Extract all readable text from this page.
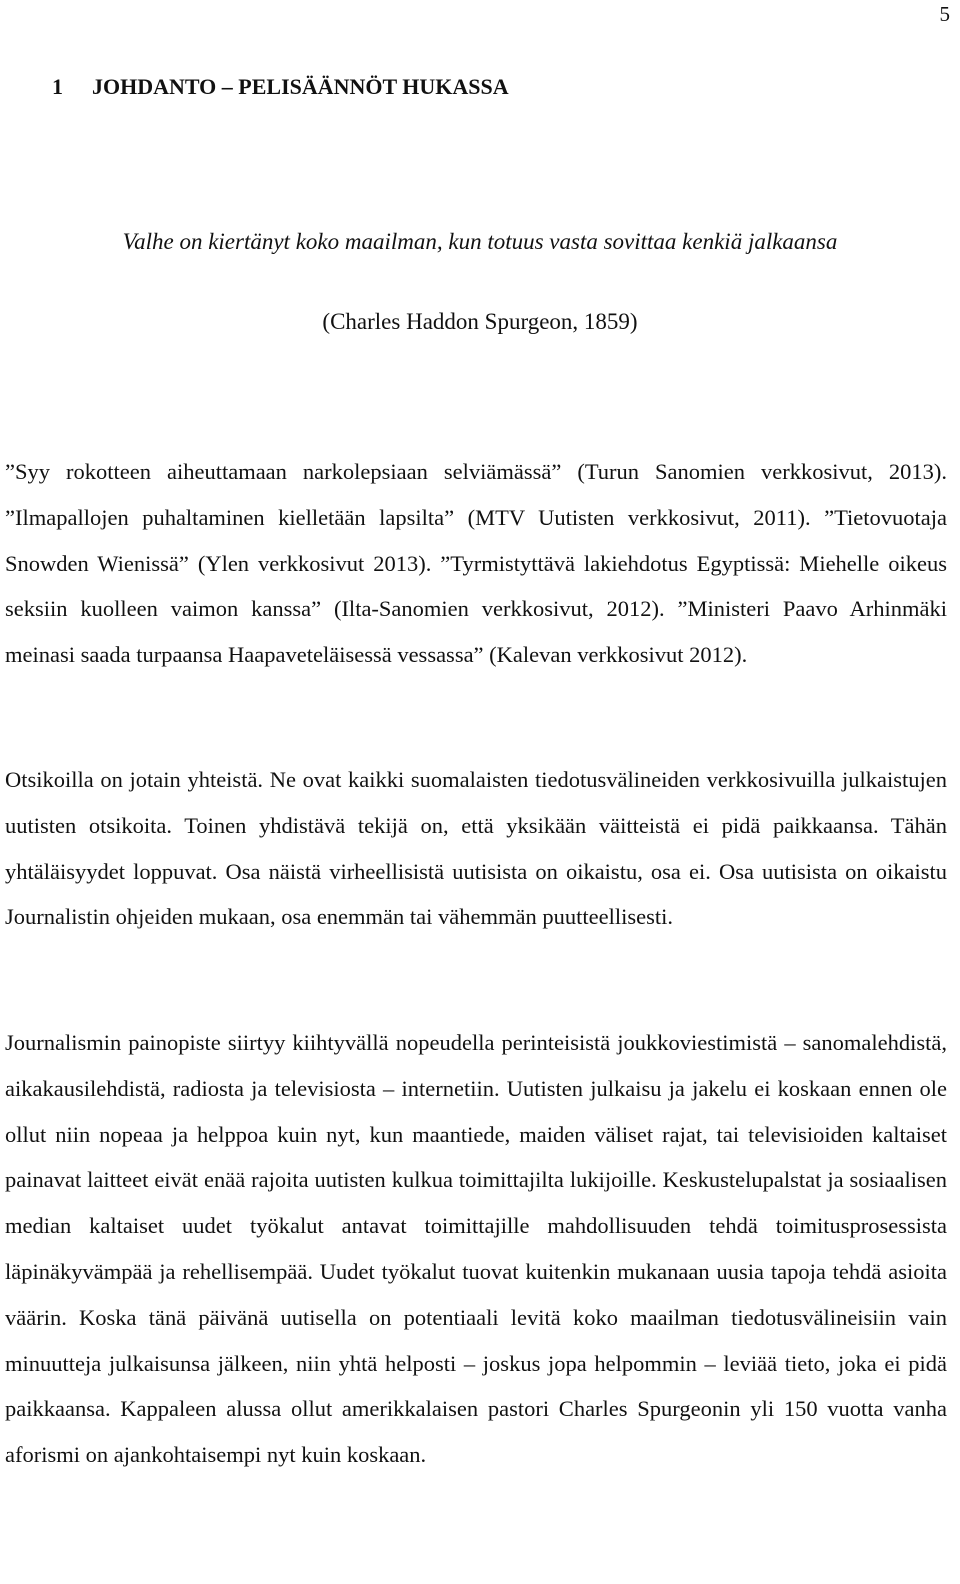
5
1 JOHDANTO – PELISÄÄNNÖT HUKASSA

Valhe on kiertänyt koko maailman, kun totuus vasta sovittaa kenkiä jalkaansa

(Charles Haddon Spurgeon, 1859)

”Syy rokotteen aiheuttamaan narkolepsiaan selviämässä” (Turun Sanomien verkkosivut, 2013). ”Ilmapallojen puhaltaminen kielletään lapsilta” (MTV Uutisten verkkosivut, 2011). ”Tietovuotaja Snowden Wienissä” (Ylen verkkosivut 2013). ”Tyrmistyttävä lakiehdotus Egyptissä: Miehelle oikeus seksiin kuolleen vaimon kanssa” (Ilta-Sanomien verkkosivut, 2012). ”Ministeri Paavo Arhinmäki meinasi saada turpaansa Haapaveteläisessä vessassa” (Kalevan verkkosivut 2012).

Otsikoilla on jotain yhteistä. Ne ovat kaikki suomalaisten tiedotusvälineiden verkkosivuilla julkaistujen uutisten otsikoita. Toinen yhdistävä tekijä on, että yksikään väitteistä ei pidä paikkaansa. Tähän yhtäläisyydet loppuvat. Osa näistä virheellisistä uutisista on oikaistu, osa ei. Osa uutisista on oikaistu Journalistin ohjeiden mukaan, osa enemmän tai vähemmän puutteellisesti.

Journalismin painopiste siirtyy kiihtyvällä nopeudella perinteisistä joukkoviestimistä – sanomalehdistä, aikakausilehdistä, radiosta ja televisiosta – internetiin. Uutisten julkaisu ja jakelu ei koskaan ennen ole ollut niin nopeaa ja helppoa kuin nyt, kun maantiede, maiden väliset rajat, tai televisioiden kaltaiset painavat laitteet eivät enää rajoita uutisten kulkua toimittajilta lukijoille. Keskustelupalstat ja sosiaalisen median kaltaiset uudet työkalut antavat toimittajille mahdollisuuden tehdä toimitusprosessista läpinäkyvämpää ja rehellisempää. Uudet työkalut tuovat kuitenkin mukanaan uusia tapoja tehdä asioita väärin. Koska tänä päivänä uutisella on potentiaali levitä koko maailman tiedotusvälineisiin vain minuutteja julkaisunsa jälkeen, niin yhtä helposti – joskus jopa helpommin – leviää tieto, joka ei pidä paikkaansa. Kappaleen alussa ollut amerikkalaisen pastori Charles Spurgeonin yli 150 vuotta vanha aforismi on ajankohtaisempi nyt kuin koskaan.
